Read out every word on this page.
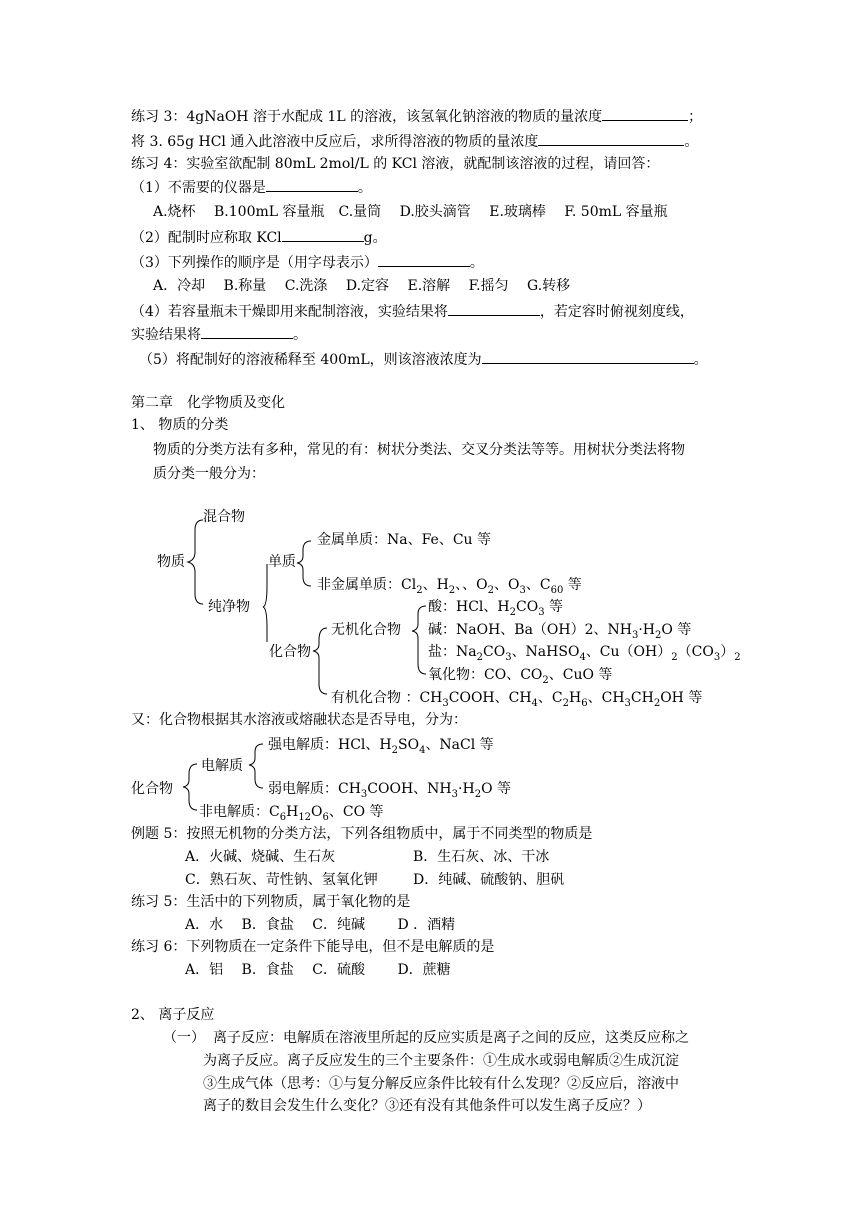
练习 3：4gNaOH 溶于水配成 1L 的溶液，该氢氧化钠溶液的物质的量浓度	；
将 3. 65g HCl 通入此溶液中反应后，求所得溶液的物质的量浓度	。
练习 4：实验室欲配制 80mL 2mol/L 的 KCl 溶液，就配制该溶液的过程，请回答：
（1）不需要的仪器是	。
A.烧杯　 B.100mL 容量瓶　C.量筒　 D.胶头滴管　 E.玻璃棒　 F. 50mL 容量瓶
（2）配制时应称取 KCl	g。
（3）下列操作的顺序是（用字母表示）	。
A．冷却　 B.称量　 C.洗涤　 D.定容　 E.溶解　 F.摇匀　 G.转移
（4）若容量瓶未干燥即用来配制溶液，实验结果将	，若定容时俯视刻度线，
实验结果将	。
（5）将配制好的溶液稀释至 400mL，则该溶液浓度为	。
第二章　化学物质及变化
1、 物质的分类
物质的分类方法有多种，常见的有：树状分类法、交叉分类法等等。用树状分类法将物
质分类一般分为：
混合物
物质	单质
金属单质：Na、Fe、Cu 等
非金属单质：$Cl_2$、$H_2$、、$O_2$、$O_3$、$C_{60}$ 等
纯净物
无机化合物
化合物
酸：HCl、$H_2CO_3$ 等
碱：NaOH、Ba（OH）2、$NH_3\cdot H_2O$ 等
盐：$Na_2CO_3$、NaHSO$_4$、$Cu(OH)_2(CO_3)_2$
氧化物：CO、$CO_2$、CuO 等
有机化合物 ：$CH_3COOH$、$CH_4$、$C_2H_6$、$CH_3CH_2OH$ 等
又：化合物根据其水溶液或熔融状态是否导电，分为：
强电解质：HCl、$H_2SO_4$、NaCl 等
电解质
化合物	弱电解质：$CH_3COOH$、$NH_3\cdot H_2O$ 等
非电解质：$C_6H_{12}O_6$、CO 等
例题 5：按照无机物的分类方法，下列各组物质中，属于不同类型的物质是
A．火碱、烧碱、生石灰	B．生石灰、冰、干冰
C．熟石灰、苛性钠、氢氧化钾	D．纯碱、硫酸钠、胆矾
练习 5：生活中的下列物质，属于氧化物的是
A．水　 B．食盐　 C．纯碱　　 D ．酒精
练习 6：下列物质在一定条件下能导电，但不是电解质的是
A．铝　 B．食盐　 C．硫酸　　 D．蔗糖
2、 离子反应
（一） 离子反应：电解质在溶液里所起的反应实质是离子之间的反应，这类反应称之
为离子反应。离子反应发生的三个主要条件：①生成水或弱电解质②生成沉淀
③生成气体（思考：①与复分解反应条件比较有什么发现？②反应后，溶液中
离子的数目会发生什么变化？③还有没有其他条件可以发生离子反应？）
